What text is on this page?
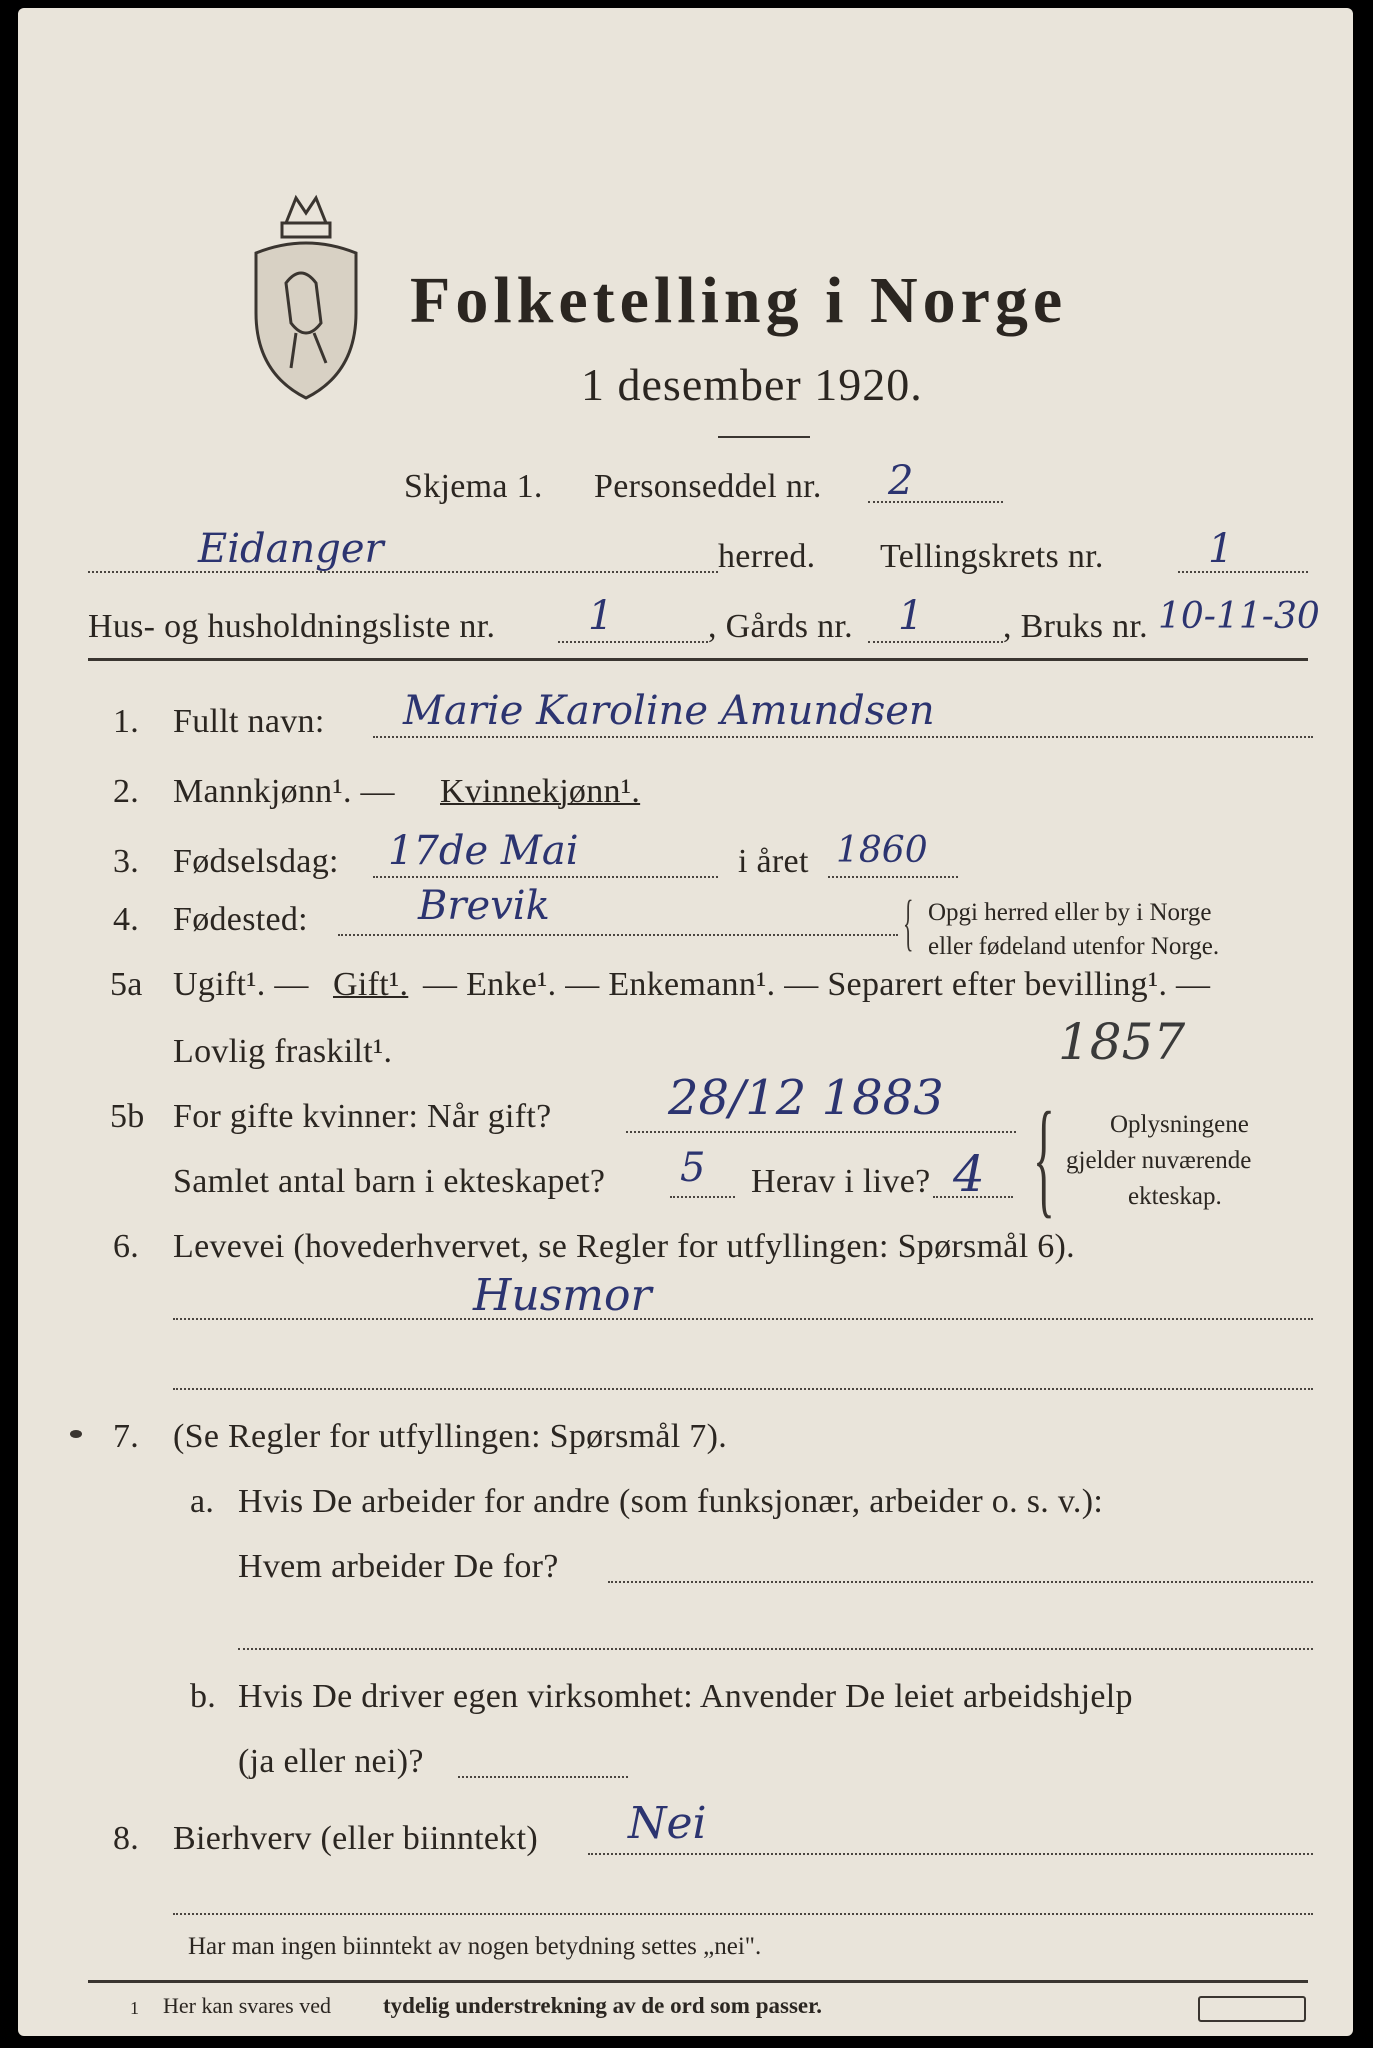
Folketelling i Norge
1 desember 1920.
Skjema 1. Personseddel nr. 2
Eidanger	herred. Tellingskrets nr.	1
Hus- og husholdningsliste nr. 1	, Gårds nr. 1 , Bruks nr. 10-11-30
1. Fullt navn: Marie Karoline Amundsen
2. Mannkjønn¹. — Kvinnekjønn¹.
3. Fødselsdag: 17de Mai	i året 1860
4. Fødested:	Brevik	{ Opgi herred eller by i Norge
eller fødeland utenfor Norge.
5a Ugift¹. — Gift¹. — Enke¹. — Enkemann¹. — Separert efter bevilling¹. —
Lovlig fraskilt¹.	1857
5b For gifte kvinner: Når gift? 28/12 1883
Samlet antal barn i ekteskapet? 5 Herav i live? 4 { Oplysningene
gjelder nuværende
ekteskap.
6. Levevei (hovederhvervet, se Regler for utfyllingen: Spørsmål 6).
Husmor
7. (Se Regler for utfyllingen: Spørsmål 7).
a. Hvis De arbeider for andre (som funksjonær, arbeider o. s. v.):
Hvem arbeider De for?
b. Hvis De driver egen virksomhet: Anvender De leiet arbeidshjelp
(ja eller nei)?
8. Bierhverv (eller biinntekt) Nei
Har man ingen biinntekt av nogen betydning settes „nei".
1 Her kan svares ved tydelig understrekning av de ord som passer.
